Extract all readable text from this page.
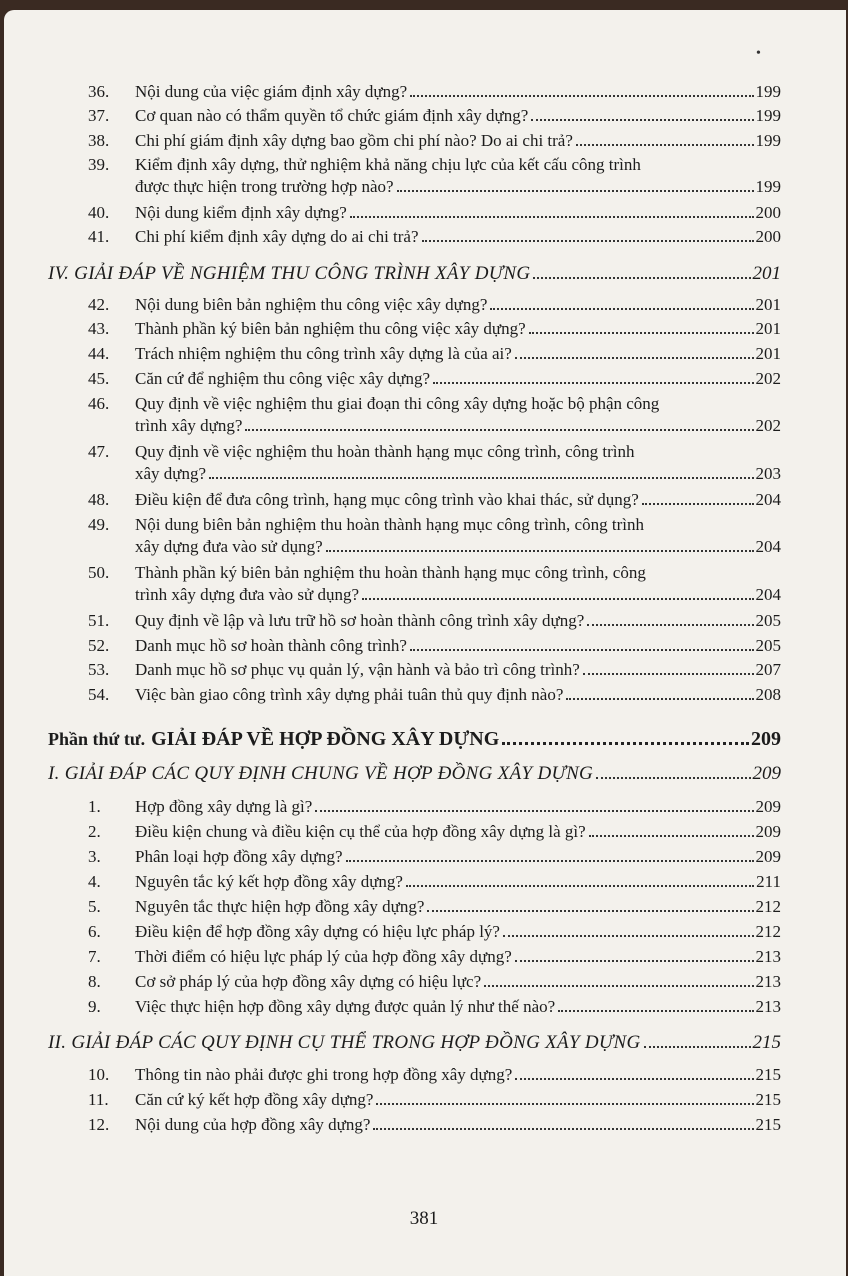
•
36.	Nội dung của việc giám định xây dựng?	199
37.	Cơ quan nào có thẩm quyền tổ chức giám định xây dựng?	199
38.	Chi phí giám định xây dựng bao gồm chi phí nào? Do ai chi trả?	199
39.	Kiểm định xây dựng, thử nghiệm khả năng chịu lực của kết cấu công trình
được thực hiện trong trường hợp nào?	199
40.	Nội dung kiểm định xây dựng?	200
41.	Chi phí kiểm định xây dựng do ai chi trả?	200
IV. GIẢI ĐÁP VỀ NGHIỆM THU CÔNG TRÌNH XÂY DỰNG	201
42.	Nội dung biên bản nghiệm thu công việc xây dựng?	201
43.	Thành phần ký biên bản nghiệm thu công việc xây dựng?	201
44.	Trách nhiệm nghiệm thu công trình xây dựng là của ai?	201
45.	Căn cứ để nghiệm thu công việc xây dựng?	202
46.	Quy định về việc nghiệm thu giai đoạn thi công xây dựng hoặc bộ phận công
trình xây dựng?	202
47.	Quy định về việc nghiệm thu hoàn thành hạng mục công trình, công trình
xây dựng?	203
48.	Điều kiện để đưa công trình, hạng mục công trình vào khai thác, sử dụng?	204
49.	Nội dung biên bản nghiệm thu hoàn thành hạng mục công trình, công trình
xây dựng đưa vào sử dụng?	204
50.	Thành phần ký biên bản nghiệm thu hoàn thành hạng mục công trình, công
trình xây dựng đưa vào sử dụng?	204
51.	Quy định về lập và lưu trữ hồ sơ hoàn thành công trình xây dựng?	205
52.	Danh mục hồ sơ hoàn thành công trình?	205
53.	Danh mục hồ sơ phục vụ quản lý, vận hành và bảo trì công trình?	207
54.	Việc bàn giao công trình xây dựng phải tuân thủ quy định nào?	208
Phần thứ tư. GIẢI ĐÁP VỀ HỢP ĐỒNG XÂY DỰNG	209
I. GIẢI ĐÁP CÁC QUY ĐỊNH CHUNG VỀ HỢP ĐỒNG XÂY DỰNG	209
1.	Hợp đồng xây dựng là gì?	209
2.	Điều kiện chung và điều kiện cụ thể của hợp đồng xây dựng là gì?	209
3.	Phân loại hợp đồng xây dựng?	209
4.	Nguyên tắc ký kết hợp đồng xây dựng?	211
5.	Nguyên tắc thực hiện hợp đồng xây dựng?	212
6.	Điều kiện để hợp đồng xây dựng có hiệu lực pháp lý?	212
7.	Thời điểm có hiệu lực pháp lý của hợp đồng xây dựng?	213
8.	Cơ sở pháp lý của hợp đồng xây dựng có hiệu lực?	213
9.	Việc thực hiện hợp đồng xây dựng được quản lý như thế nào?	213
II. GIẢI ĐÁP CÁC QUY ĐỊNH CỤ THỂ TRONG HỢP ĐỒNG XÂY DỰNG	215
10.	Thông tin nào phải được ghi trong hợp đồng xây dựng?	215
11.	Căn cứ ký kết hợp đồng xây dựng?	215
12.	Nội dung của hợp đồng xây dựng?	215
381
